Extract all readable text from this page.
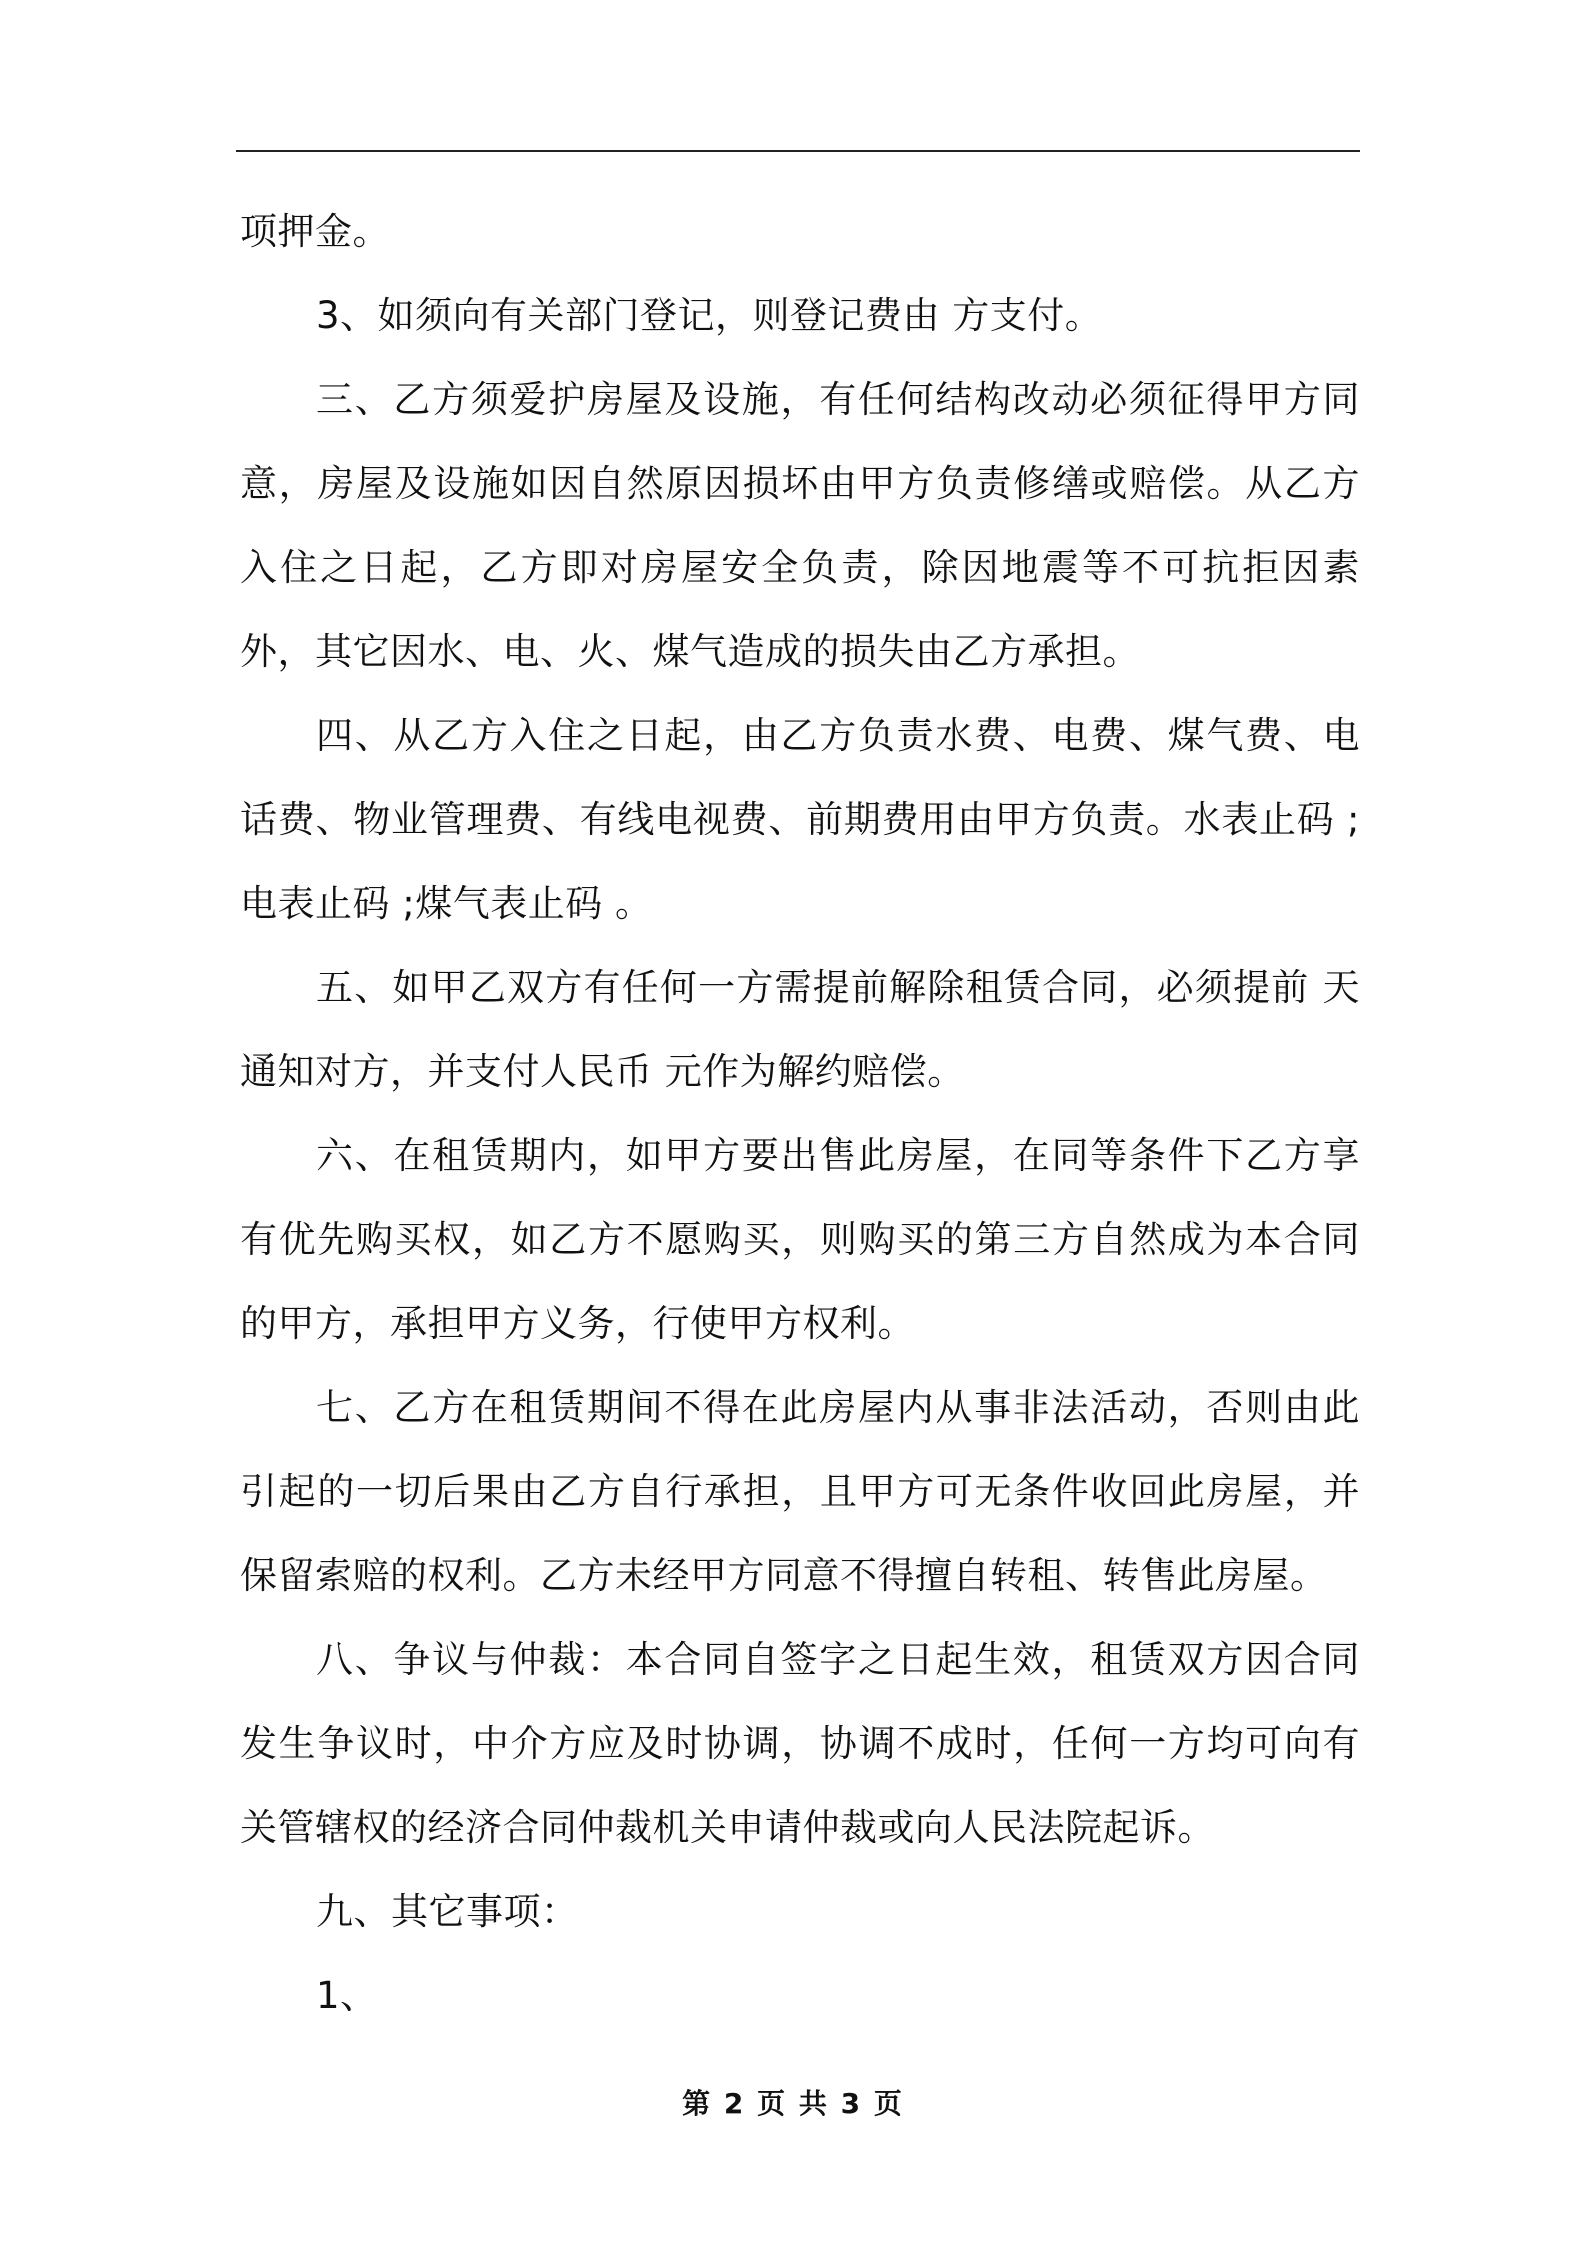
项押金。

3、如须向有关部门登记，则登记费由 方支付。

三、乙方须爱护房屋及设施，有任何结构改动必须征得甲方同意，房屋及设施如因自然原因损坏由甲方负责修缮或赔偿。从乙方入住之日起，乙方即对房屋安全负责，除因地震等不可抗拒因素外，其它因水、电、火、煤气造成的损失由乙方承担。

四、从乙方入住之日起，由乙方负责水费、电费、煤气费、电话费、物业管理费、有线电视费、前期费用由甲方负责。水表止码 ;电表止码 ;煤气表止码 。

五、如甲乙双方有任何一方需提前解除租赁合同，必须提前 天通知对方，并支付人民币 元作为解约赔偿。

六、在租赁期内，如甲方要出售此房屋，在同等条件下乙方享有优先购买权，如乙方不愿购买，则购买的第三方自然成为本合同的甲方，承担甲方义务，行使甲方权利。

七、乙方在租赁期间不得在此房屋内从事非法活动，否则由此引起的一切后果由乙方自行承担，且甲方可无条件收回此房屋，并保留索赔的权利。乙方未经甲方同意不得擅自转租、转售此房屋。

八、争议与仲裁：本合同自签字之日起生效，租赁双方因合同发生争议时，中介方应及时协调，协调不成时，任何一方均可向有关管辖权的经济合同仲裁机关申请仲裁或向人民法院起诉。

九、其它事项：

1、

第 2 页 共 3 页
